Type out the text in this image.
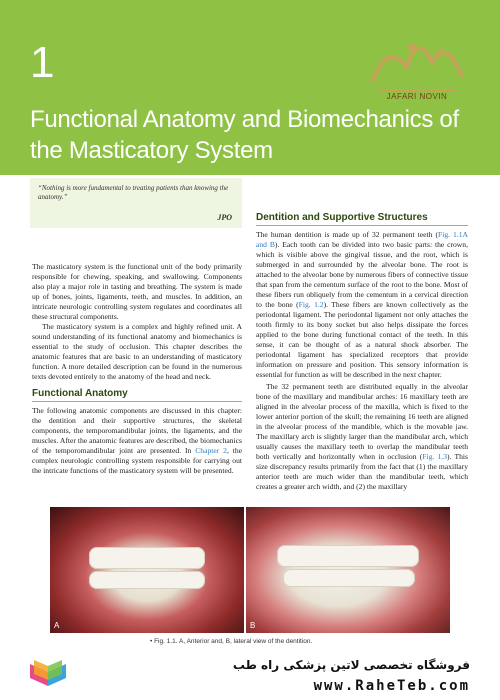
1
Functional Anatomy and Biomechanics of the Masticatory System
JAFARI NOVIN
“Nothing is more fundamental to treating patients than knowing the anatomy.”
JPO

The masticatory system is the functional unit of the body primarily responsible for chewing, speaking, and swallowing. Components also play a major role in tasting and breathing. The system is made up of bones, joints, ligaments, teeth, and muscles. In addition, an intricate neurologic controlling system regulates and coordinates all these structural components.

The masticatory system is a complex and highly refined unit. A sound understanding of its functional anatomy and biomechanics is essential to the study of occlusion. This chapter describes the anatomic features that are basic to an understanding of masticatory function. A more detailed description can be found in the numerous texts devoted entirely to the anatomy of the head and neck.

Functional Anatomy

The following anatomic components are discussed in this chapter: the dentition and their supportive structures, the skeletal components, the temporomandibular joints, the ligaments, and the muscles. After the anatomic features are described, the biomechanics of the temporomandibular joint are presented. In Chapter 2, the complex neurologic controlling system responsible for carrying out the intricate functions of the masticatory system will be presented.

Dentition and Supportive Structures

The human dentition is made up of 32 permanent teeth (Fig. 1.1A and B). Each tooth can be divided into two basic parts: the crown, which is visible above the gingival tissue, and the root, which is submerged in and surrounded by the alveolar bone. The root is attached to the alveolar bone by numerous fibers of connective tissue that span from the cementum surface of the root to the bone. Most of these fibers run obliquely from the cementum in a cervical direction to the bone (Fig. 1.2). These fibers are known collectively as the periodontal ligament. The periodontal ligament not only attaches the tooth firmly to its bony socket but also helps dissipate the forces applied to the bone during functional contact of the teeth. In this sense, it can be thought of as a natural shock absorber. The periodontal ligament has specialized receptors that provide information on pressure and position. This sensory information is essential for function as will be described in the next chapter.

The 32 permanent teeth are distributed equally in the alveolar bone of the maxillary and mandibular arches: 16 maxillary teeth are aligned in the alveolar process of the maxilla, which is fixed to the lower anterior portion of the skull; the remaining 16 teeth are aligned in the alveolar process of the mandible, which is the movable jaw. The maxillary arch is slightly larger than the mandibular arch, which usually causes the maxillary teeth to overlap the mandibular teeth both vertically and horizontally when in occlusion (Fig. 1.3). This size discrepancy results primarily from the fact that (1) the maxillary anterior teeth are much wider than the mandibular teeth, which creates a greater arch width, and (2) the maxillary

A	B
• Fig. 1.1. A, Anterior and, B, lateral view of the dentition.
فروشگاه تخصصی لاتین پزشکی راه طب
www.RaheTeb.com
